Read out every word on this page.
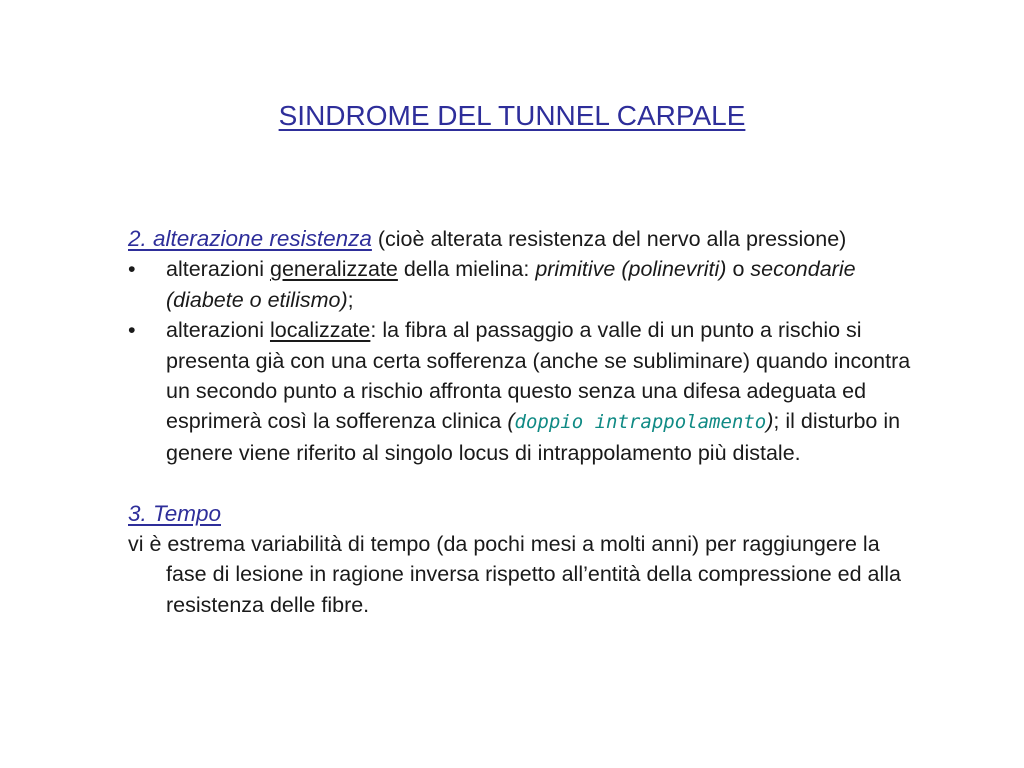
SINDROME DEL TUNNEL CARPALE

2. alterazione resistenza (cioè alterata resistenza del nervo alla pressione)

• alterazioni generalizzate della mielina: primitive (polinevriti) o secondarie (diabete o etilismo);

• alterazioni localizzate: la fibra al passaggio a valle di un punto a rischio si presenta già con una certa sofferenza (anche se subliminare) quando incontra un secondo punto a rischio affronta questo senza una difesa adeguata ed esprimerà così la sofferenza clinica (doppio intrappolamento); il disturbo in genere viene riferito al singolo locus di intrappolamento più distale.

3. Tempo

vi è estrema variabilità di tempo (da pochi mesi a molti anni) per raggiungere la fase di lesione in ragione inversa rispetto all’entità della compressione ed alla resistenza delle fibre.
